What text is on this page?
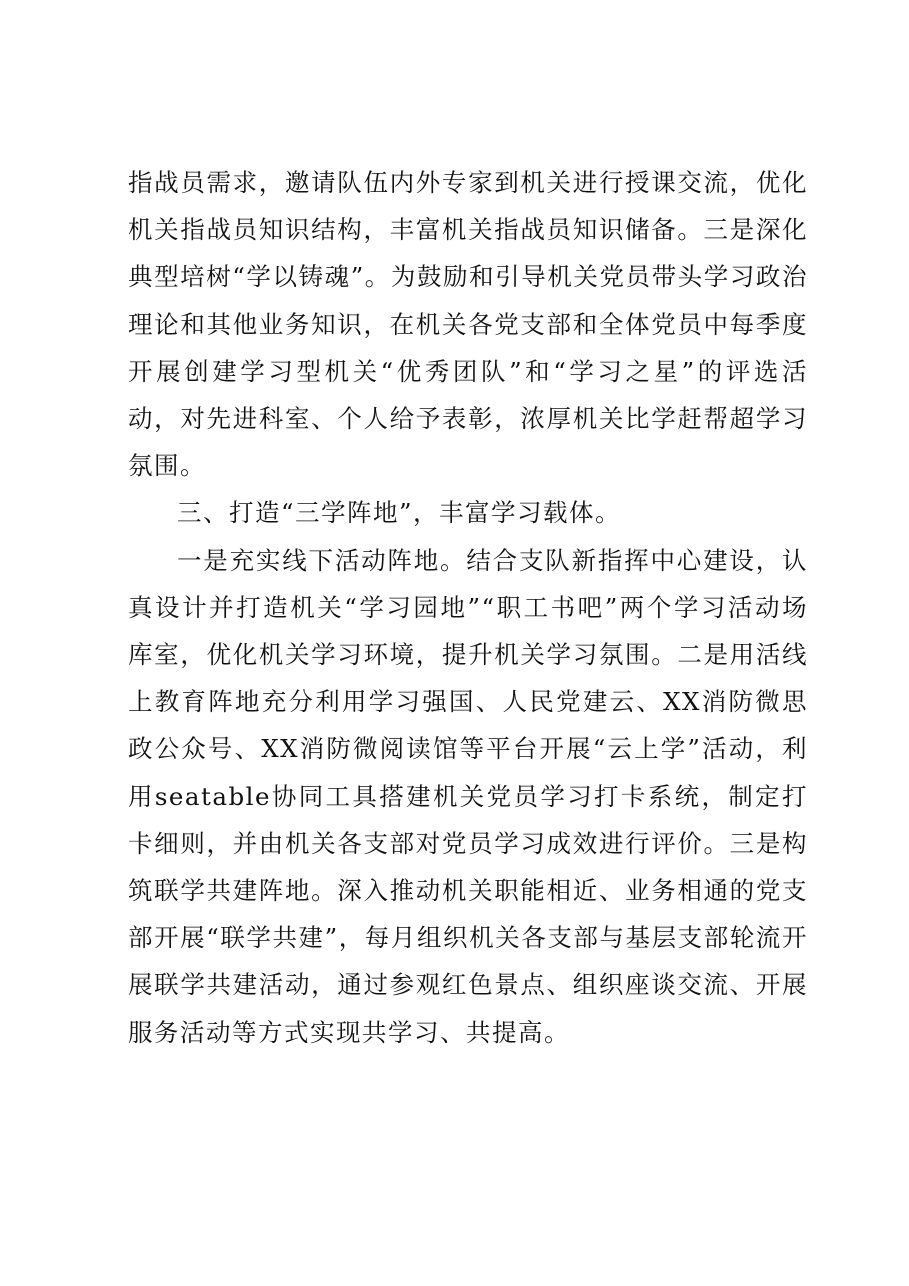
指战员需求，邀请队伍内外专家到机关进行授课交流，优化机关指战员知识结构，丰富机关指战员知识储备。三是深化典型培树“学以铸魂”。为鼓励和引导机关党员带头学习政治理论和其他业务知识，在机关各党支部和全体党员中每季度开展创建学习型机关“优秀团队”和“学习之星”的评选活动，对先进科室、个人给予表彰，浓厚机关比学赶帮超学习氛围。

三、打造“三学阵地”，丰富学习载体。

一是充实线下活动阵地。结合支队新指挥中心建设，认真设计并打造机关“学习园地”“职工书吧”两个学习活动场库室，优化机关学习环境，提升机关学习氛围。二是用活线上教育阵地充分利用学习强国、人民党建云、XX消防微思政公众号、XX消防微阅读馆等平台开展“云上学”活动，利用seatable协同工具搭建机关党员学习打卡系统，制定打卡细则，并由机关各支部对党员学习成效进行评价。三是构筑联学共建阵地。深入推动机关职能相近、业务相通的党支部开展“联学共建”，每月组织机关各支部与基层支部轮流开展联学共建活动，通过参观红色景点、组织座谈交流、开展服务活动等方式实现共学习、共提高。
